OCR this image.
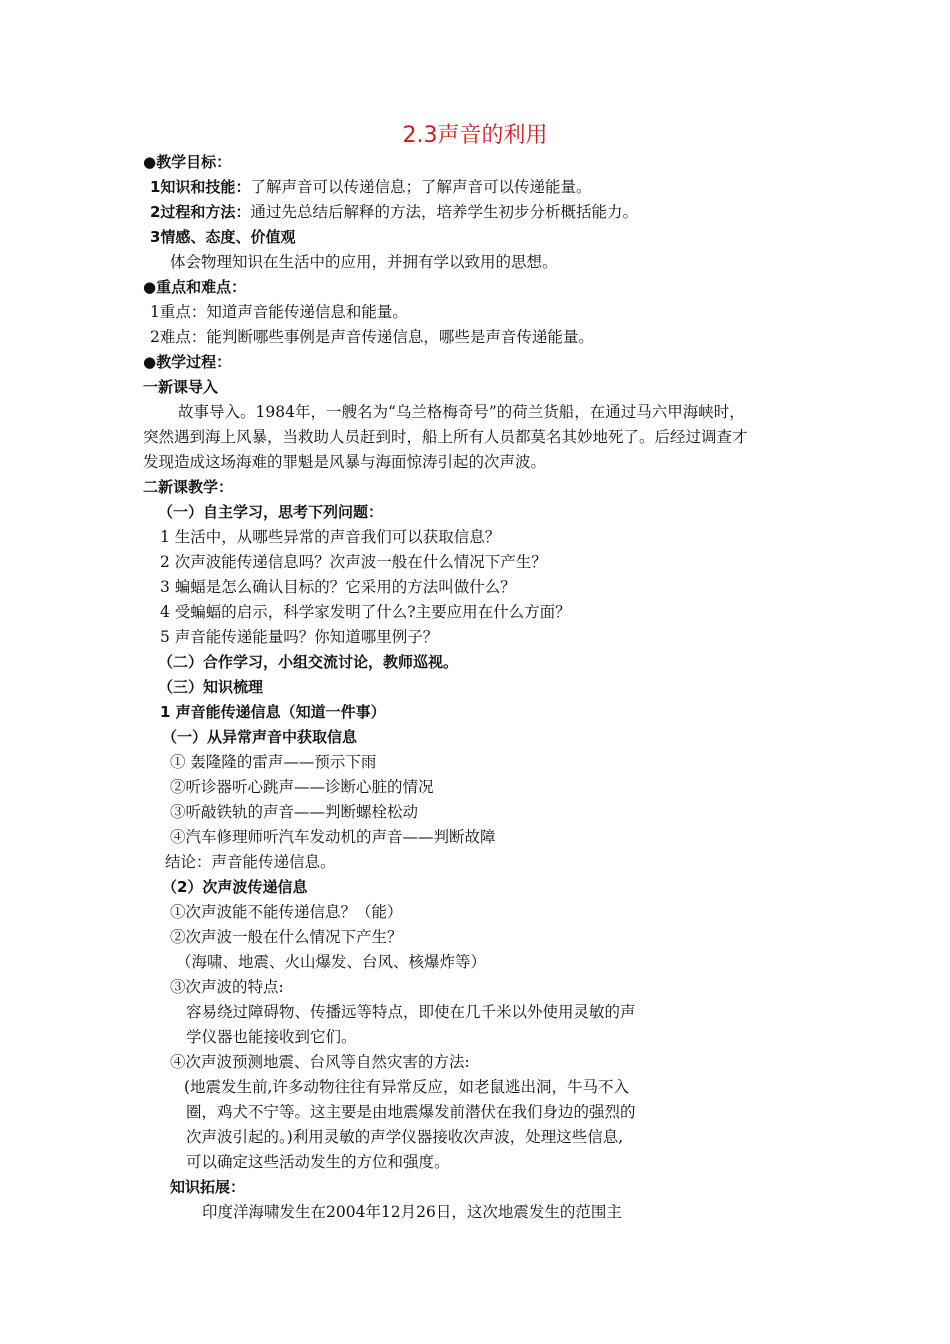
2.3声音的利用
●教学目标：
1知识和技能：了解声音可以传递信息；了解声音可以传递能量。
2过程和方法：通过先总结后解释的方法，培养学生初步分析概括能力。
3情感、态度、价值观
体会物理知识在生活中的应用，并拥有学以致用的思想。
●重点和难点：
1重点：知道声音能传递信息和能量。
2难点：能判断哪些事例是声音传递信息，哪些是声音传递能量。
●教学过程：
一新课导入
故事导入。1984年，一艘名为“乌兰格梅奇号”的荷兰货船，在通过马六甲海峡时，
突然遇到海上风暴，当救助人员赶到时，船上所有人员都莫名其妙地死了。后经过调查才
发现造成这场海难的罪魁是风暴与海面惊涛引起的次声波。
二新课教学：
（一）自主学习，思考下列问题：
1 生活中，从哪些异常的声音我们可以获取信息？
2 次声波能传递信息吗？次声波一般在什么情况下产生？
3 蝙蝠是怎么确认目标的？它采用的方法叫做什么？
4 受蝙蝠的启示，科学家发明了什么?主要应用在什么方面？
5 声音能传递能量吗？你知道哪里例子？
（二）合作学习，小组交流讨论，教师巡视。
（三）知识梳理
1 声音能传递信息（知道一件事）
（一）从异常声音中获取信息
① 轰隆隆的雷声——预示下雨
②听诊器听心跳声——诊断心脏的情况
③听敲铁轨的声音——判断螺栓松动
④汽车修理师听汽车发动机的声音——判断故障
结论：声音能传递信息。
（2）次声波传递信息
①次声波能不能传递信息？（能）
②次声波一般在什么情况下产生？
（海啸、地震、火山爆发、台风、核爆炸等）
③次声波的特点:
容易绕过障碍物、传播远等特点，即使在几千米以外使用灵敏的声
学仪器也能接收到它们。
④次声波预测地震、台风等自然灾害的方法:
(地震发生前,许多动物往往有异常反应，如老鼠逃出洞，牛马不入
圈，鸡犬不宁等。这主要是由地震爆发前潜伏在我们身边的强烈的
次声波引起的。)利用灵敏的声学仪器接收次声波，处理这些信息,
可以确定这些活动发生的方位和强度。
知识拓展：
印度洋海啸发生在2004年12月26日，这次地震发生的范围主
